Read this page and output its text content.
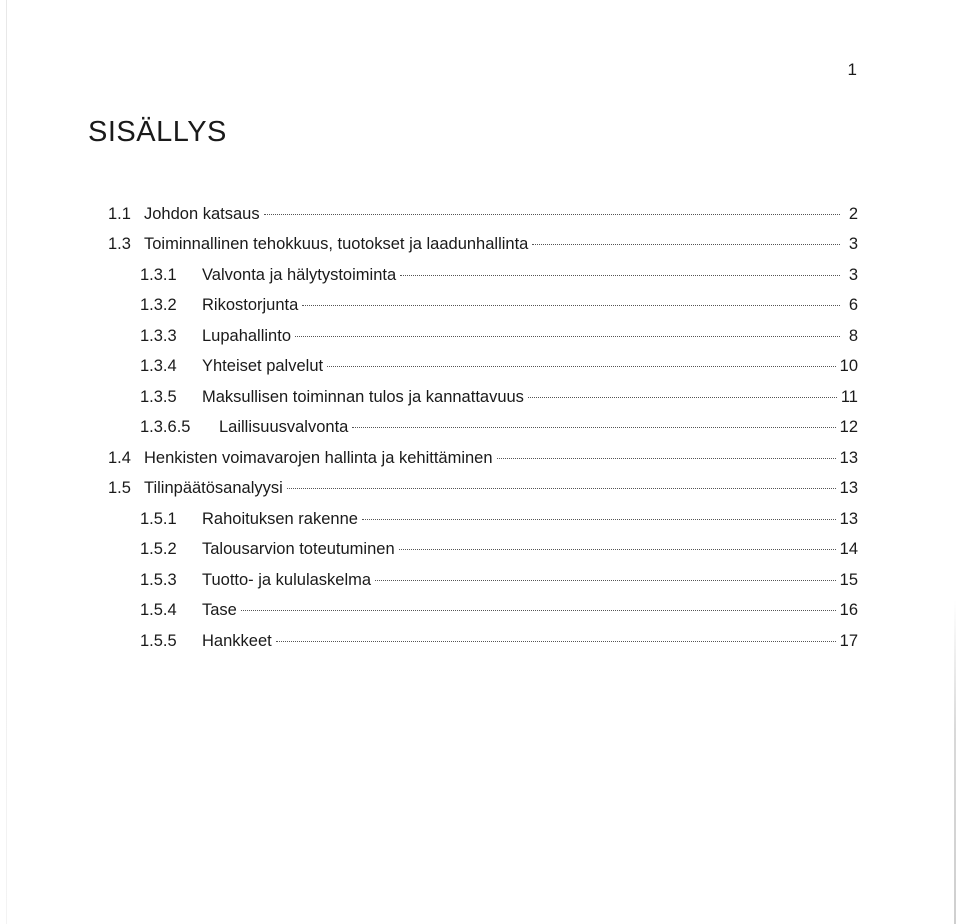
1
SISÄLLYS
1.1 Johdon katsaus	2
1.3 Toiminnallinen tehokkuus, tuotokset ja laadunhallinta	3
1.3.1	Valvonta ja hälytystoiminta	3
1.3.2	Rikostorjunta	6
1.3.3	Lupahallinto	8
1.3.4	Yhteiset palvelut	10
1.3.5	Maksullisen toiminnan tulos ja kannattavuus	11
1.3.6.5	Laillisuusvalvonta	12
1.4 Henkisten voimavarojen hallinta ja kehittäminen	13
1.5 Tilinpäätösanalyysi	13
1.5.1	Rahoituksen rakenne	13
1.5.2	Talousarvion toteutuminen	14
1.5.3	Tuotto- ja kululaskelma	15
1.5.4	Tase	16
1.5.5	Hankkeet	17
